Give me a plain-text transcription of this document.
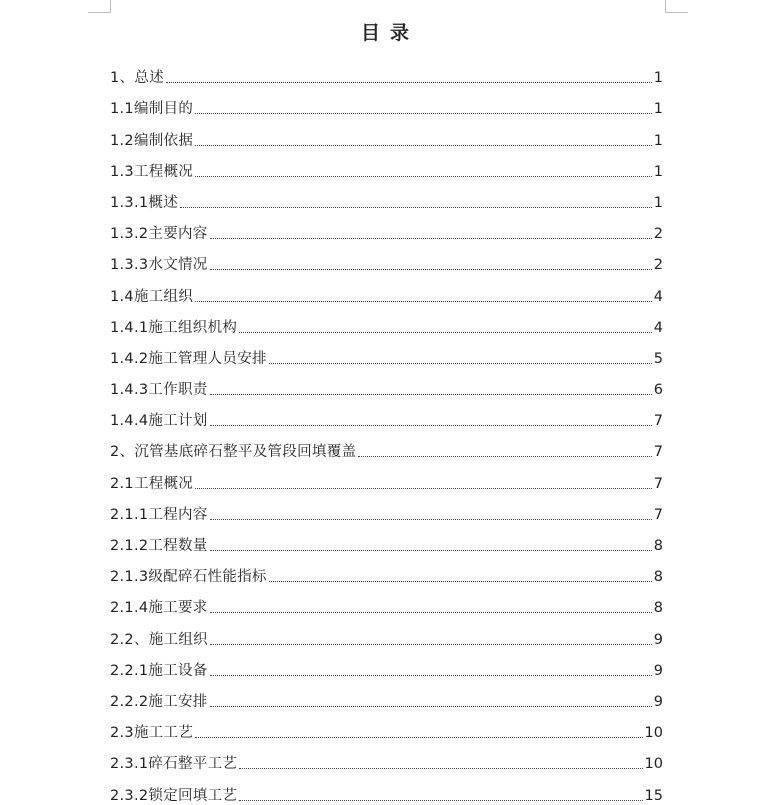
目录
1、总述	1
1.1编制目的	1
1.2编制依据	1
1.3工程概况	1
1.3.1概述	1
1.3.2主要内容	2
1.3.3水文情况	2
1.4施工组织	4
1.4.1施工组织机构	4
1.4.2施工管理人员安排	5
1.4.3工作职责	6
1.4.4施工计划	7
2、沉管基底碎石整平及管段回填覆盖	7
2.1工程概况	7
2.1.1工程内容	7
2.1.2工程数量	8
2.1.3级配碎石性能指标	8
2.1.4施工要求	8
2.2、施工组织	9
2.2.1施工设备	9
2.2.2施工安排	9
2.3施工工艺	10
2.3.1碎石整平工艺	10
2.3.2锁定回填工艺	15
